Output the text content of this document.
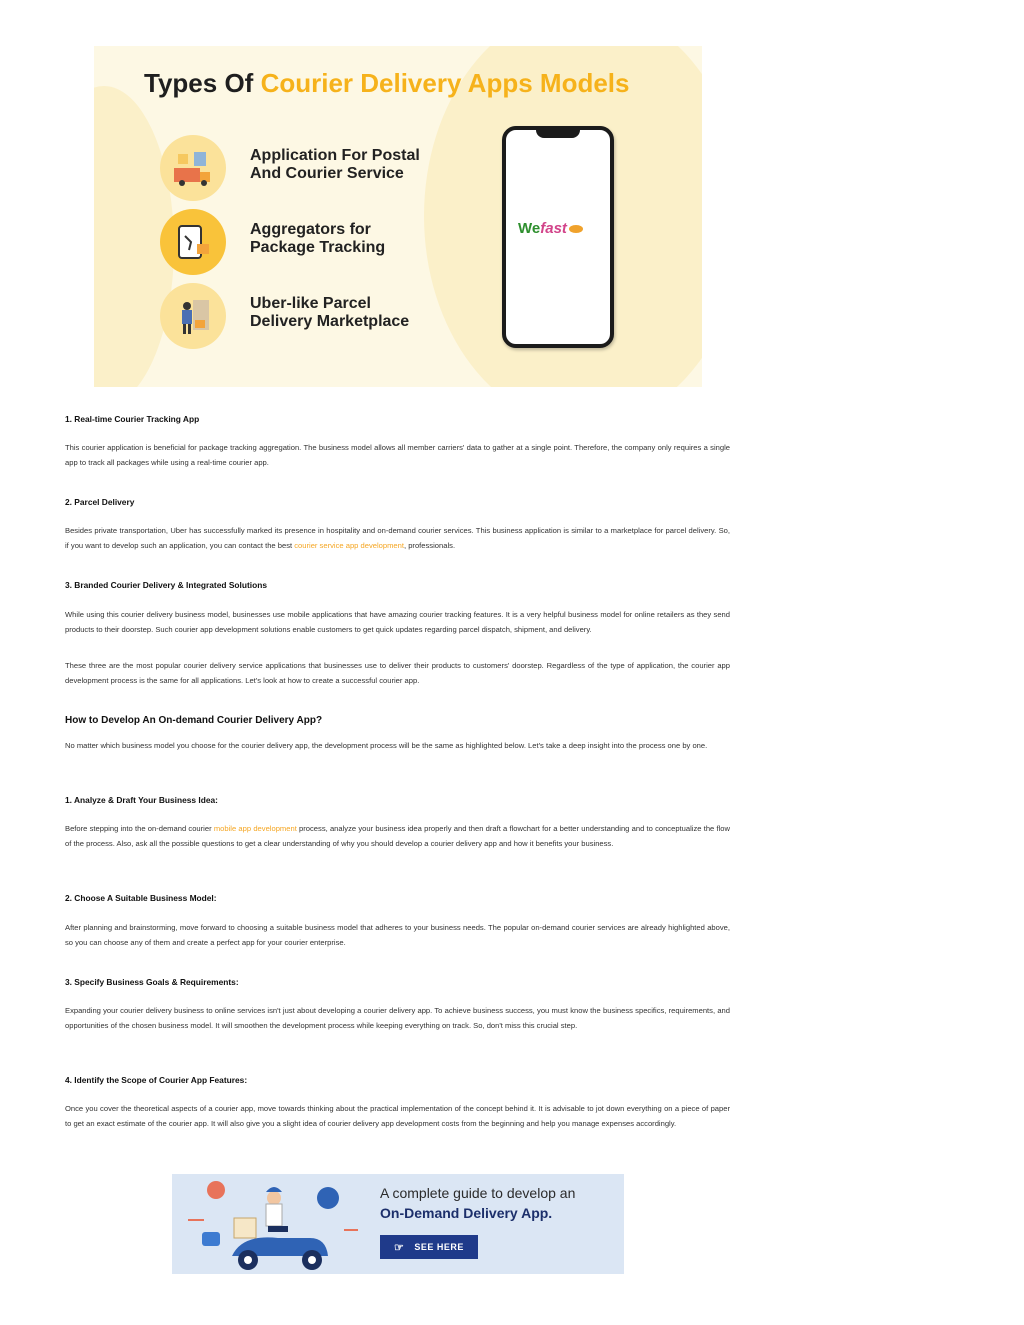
Types Of Courier Delivery Apps Models
Application For Postal
And Courier Service
Aggregators for
Package Tracking
Uber-like Parcel
Delivery Marketplace
Wefast

1. Real-time Courier Tracking App

This courier application is beneficial for package tracking aggregation. The business model allows all member carriers' data to gather at a single point. Therefore, the company only requires a single app to track all packages while using a real-time courier app.

2. Parcel Delivery

Besides private transportation, Uber has successfully marked its presence in hospitality and on-demand courier services. This business application is similar to a marketplace for parcel delivery. So, if you want to develop such an application, you can contact the best courier service app development, professionals.

3. Branded Courier Delivery & Integrated Solutions

While using this courier delivery business model, businesses use mobile applications that have amazing courier tracking features. It is a very helpful business model for online retailers as they send products to their doorstep. Such courier app development solutions enable customers to get quick updates regarding parcel dispatch, shipment, and delivery.

These three are the most popular courier delivery service applications that businesses use to deliver their products to customers' doorstep. Regardless of the type of application, the courier app development process is the same for all applications. Let's look at how to create a successful courier app.

How to Develop An On-demand Courier Delivery App?

No matter which business model you choose for the courier delivery app, the development process will be the same as highlighted below. Let's take a deep insight into the process one by one.

1. Analyze & Draft Your Business Idea:

Before stepping into the on-demand courier mobile app development process, analyze your business idea properly and then draft a flowchart for a better understanding and to conceptualize the flow of the process. Also, ask all the possible questions to get a clear understanding of why you should develop a courier delivery app and how it benefits your business.

2. Choose A Suitable Business Model:

After planning and brainstorming, move forward to choosing a suitable business model that adheres to your business needs. The popular on-demand courier services are already highlighted above, so you can choose any of them and create a perfect app for your courier enterprise.

3. Specify Business Goals & Requirements:

Expanding your courier delivery business to online services isn't just about developing a courier delivery app. To achieve business success, you must know the business specifics, requirements, and opportunities of the chosen business model. It will smoothen the development process while keeping everything on track. So, don't miss this crucial step.

4. Identify the Scope of Courier App Features:

Once you cover the theoretical aspects of a courier app, move towards thinking about the practical implementation of the concept behind it. It is advisable to jot down everything on a piece of paper to get an exact estimate of the courier app. It will also give you a slight idea of courier delivery app development costs from the beginning and help you manage expenses accordingly.

A complete guide to develop an
On-Demand Delivery App.
☞ SEE HERE
